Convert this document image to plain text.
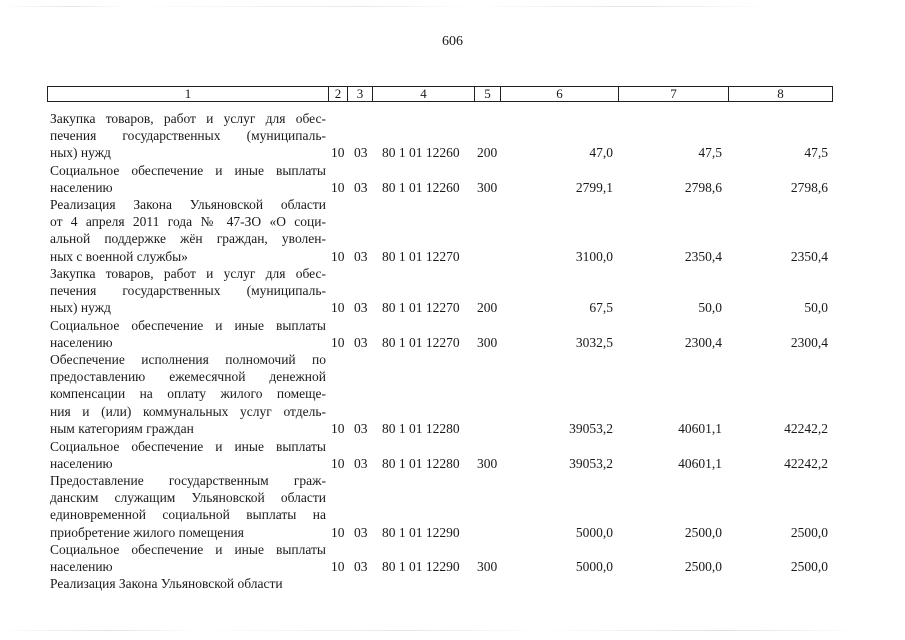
606
1	2	3	4	5	6	7	8
Закупка товаров, работ и услуг для обес-
печения государственных (муниципаль-
ных) нужд	10 03 80 1 01 12260 200	47,0	47,5	47,5
Социальное обеспечение и иные выплаты
населению	10 03 80 1 01 12260 300	2799,1	2798,6	2798,6
Реализация Закона Ульяновской области
от 4 апреля 2011 года № 47-ЗО «О соци-
альной поддержке жён граждан, уволен-
ных с военной службы»	10 03 80 1 01 12270	3100,0	2350,4	2350,4
Закупка товаров, работ и услуг для обес-
печения государственных (муниципаль-
ных) нужд	10 03 80 1 01 12270 200	67,5	50,0	50,0
Социальное обеспечение и иные выплаты
населению	10 03 80 1 01 12270 300	3032,5	2300,4	2300,4
Обеспечение исполнения полномочий по
предоставлению ежемесячной денежной
компенсации на оплату жилого помеще-
ния и (или) коммунальных услуг отдель-
ным категориям граждан	10 03 80 1 01 12280	39053,2	40601,1	42242,2
Социальное обеспечение и иные выплаты
населению	10 03 80 1 01 12280 300	39053,2	40601,1	42242,2
Предоставление государственным граж-
данским служащим Ульяновской области
единовременной социальной выплаты на
приобретение жилого помещения	10 03 80 1 01 12290	5000,0	2500,0	2500,0
Социальное обеспечение и иные выплаты
населению	10 03 80 1 01 12290 300	5000,0	2500,0	2500,0
Реализация Закона Ульяновской области
